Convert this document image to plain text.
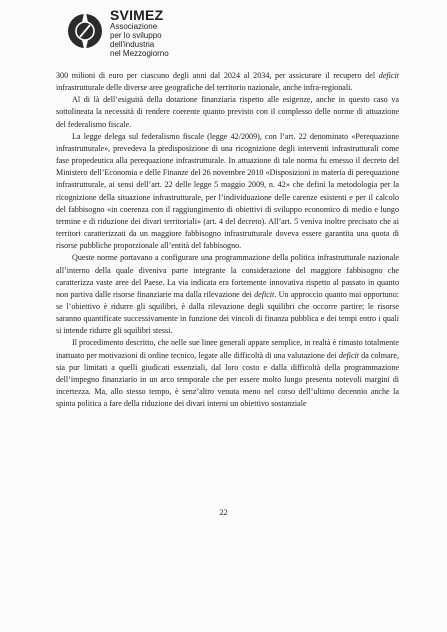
N
S
SVIMEZ
Associazione
per lo sviluppo
dell'industria
nel Mezzogiorno

300 milioni di euro per ciascuno degli anni dal 2024 al 2034, per assicurare il recupero del deficit infrastrutturale delle diverse aree geografiche del territorio nazionale, anche infra-regionali.

Al di là dell’esiguità della dotazione finanziaria rispetto alle esigenze, anche in questo caso va sottolineata la necessità di rendere coerente quanto previsto con il complesso delle norme di attuazione del federalismo fiscale.

La legge delega sul federalismo fiscale (legge 42/2009), con l’art. 22 denominato «Perequazione infrastrutturale», prevedeva la predisposizione di una ricognizione degli interventi infrastrutturali come fase propedeutica alla perequazione infrastrutturale. In attuazione di tale norma fu emesso il decreto del Ministero dell’Economia e delle Finanze del 26 novembre 2010 «Disposizioni in materia di perequazione infrastrutturale, ai sensi dell’art. 22 delle legge 5 maggio 2009, n. 42» che definì la metodologia per la ricognizione della situazione infrastrutturale, per l’individuazione delle carenze esistenti e per il calcolo del fabbisogno «in coerenza con il raggiungimento di obiettivi di sviluppo economico di medio e lungo termine e di riduzione dei divari territoriali» (art. 4 del decreto). All’art. 5 veniva inoltre precisato che ai territori caratterizzati da un maggiore fabbisogno infrastrutturale doveva essere garantita una quota di risorse pubbliche proporzionale all’entità del fabbisogno.

Queste norme portavano a configurare una programmazione della politica infrastrutturale nazionale all’interno della quale diveniva parte integrante la considerazione del maggiore fabbisogno che caratterizza vaste aree del Paese. La via indicata era fortemente innovativa rispetto al passato in quanto non partiva dalle risorse finanziarie ma dalla rilevazione dei deficit. Un approccio quanto mai opportuno: se l’obiettivo è ridurre gli squilibri, è dalla rilevazione degli squilibri che occorre partire; le risorse saranno quantificate successivamente in funzione dei vincoli di finanza pubblica e dei tempi entro i quali si intende ridurre gli squilibri stessi.

Il procedimento descritto, che nelle sue linee generali appare semplice, in realtà è rimasto totalmente inattuato per motivazioni di ordine tecnico, legate alle difficoltà di una valutazione dei deficit da colmare, sia pur limitati a quelli giudicati essenziali, dal loro costo e dalla difficoltà della programmazione dell’impegno finanziario in un arco temporale che per essere molto lungo presenta notevoli margini di incertezza. Ma, allo stesso tempo, è senz’altro venuta meno nel corso dell’ultimo decennio anche la spinta politica a fare della riduzione dei divari interni un obiettivo sostanziale

22
